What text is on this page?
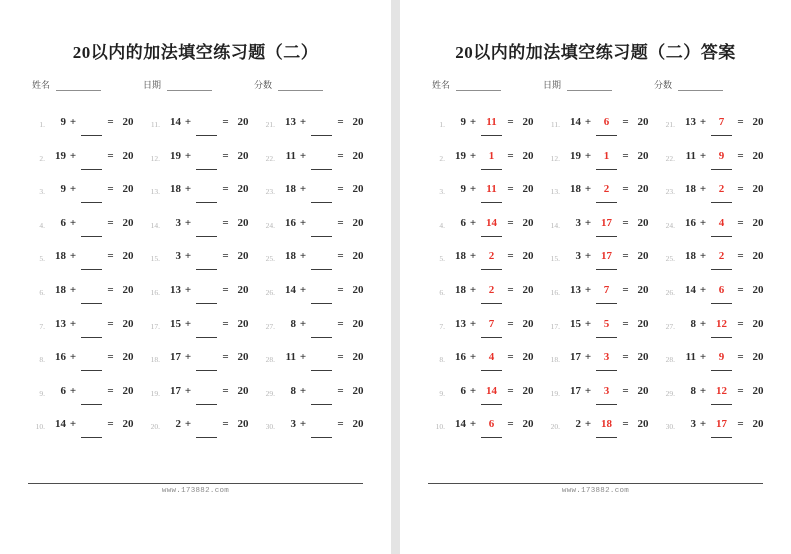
20以内的加法填空练习题（二）
姓名	日期	分数
1.	9 +	= 20
2. 19 +	= 20
3.	9 +	= 20
4.	6 +	= 20
5. 18 +	= 20
6. 18 +	= 20
7. 13 +	= 20
8. 16 +	= 20
9.	6 +	= 20
10. 14 +	= 20
11. 14 +	= 20
12. 19 +	= 20
13. 18 +	= 20
14.	3 +	= 20
15.	3 +	= 20
16. 13 +	= 20
17. 15 +	= 20
18. 17 +	= 20
19. 17 +	= 20
20.	2 +	= 20
21. 13 +	= 20
22. 11 +	= 20
23. 18 +	= 20
24. 16 +	= 20
25. 18 +	= 20
26. 14 +	= 20
27.	8 +	= 20
28. 11 +	= 20
29.	8 +	= 20
30.	3 +	= 20
www.173882.com
20以内的加法填空练习题（二）答案
姓名	日期	分数
1.	9 + 11 = 20
2. 19 +	1	= 20
3.	9 + 11 = 20
4.	6 + 14 = 20
5. 18 +	2	= 20
6. 18 +	2	= 20
7. 13 +	7	= 20
8. 16 +	4	= 20
9.	6 + 14 = 20
10. 14 +	6	= 20
11. 14 +	6	= 20
12. 19 +	1	= 20
13. 18 +	2	= 20
14.	3 + 17 = 20
15.	3 + 17 = 20
16. 13 +	7	= 20
17. 15 +	5	= 20
18. 17 +	3	= 20
19. 17 +	3	= 20
20.	2 + 18 = 20
21. 13 +	7	= 20
22. 11 +	9	= 20
23. 18 +	2	= 20
24. 16 +	4	= 20
25. 18 +	2	= 20
26. 14 +	6	= 20
27.	8 + 12 = 20
28. 11 +	9	= 20
29.	8 + 12 = 20
30.	3 + 17 = 20
www.173882.com
